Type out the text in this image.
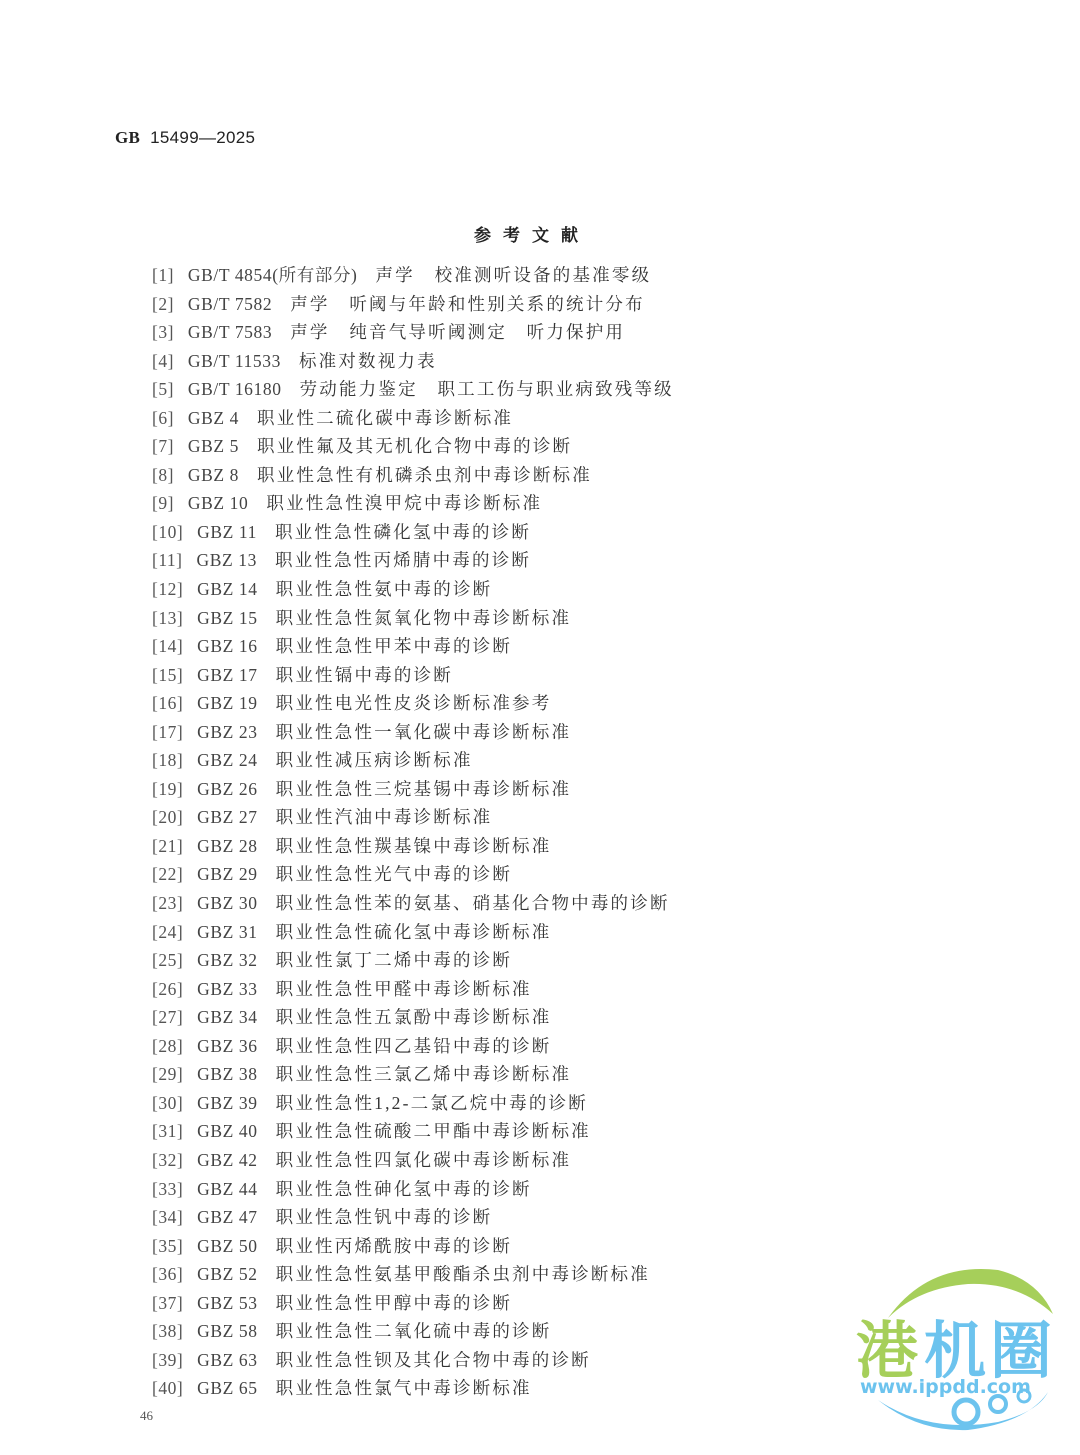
GB 15499—2025
参考文献
[1] GB/T 4854(所有部分) 声学　校准测听设备的基准零级
[2] GB/T 7582 声学　听阈与年龄和性别关系的统计分布
[3] GB/T 7583 声学　纯音气导听阈测定　听力保护用
[4] GB/T 11533 标准对数视力表
[5] GB/T 16180 劳动能力鉴定　职工工伤与职业病致残等级
[6] GBZ 4 职业性二硫化碳中毒诊断标准
[7] GBZ 5 职业性氟及其无机化合物中毒的诊断
[8] GBZ 8 职业性急性有机磷杀虫剂中毒诊断标准
[9] GBZ 10 职业性急性溴甲烷中毒诊断标准
[10] GBZ 11 职业性急性磷化氢中毒的诊断
[11] GBZ 13 职业性急性丙烯腈中毒的诊断
[12] GBZ 14 职业性急性氨中毒的诊断
[13] GBZ 15 职业性急性氮氧化物中毒诊断标准
[14] GBZ 16 职业性急性甲苯中毒的诊断
[15] GBZ 17 职业性镉中毒的诊断
[16] GBZ 19 职业性电光性皮炎诊断标准参考
[17] GBZ 23 职业性急性一氧化碳中毒诊断标准
[18] GBZ 24 职业性减压病诊断标准
[19] GBZ 26 职业性急性三烷基锡中毒诊断标准
[20] GBZ 27 职业性汽油中毒诊断标准
[21] GBZ 28 职业性急性羰基镍中毒诊断标准
[22] GBZ 29 职业性急性光气中毒的诊断
[23] GBZ 30 职业性急性苯的氨基、硝基化合物中毒的诊断
[24] GBZ 31 职业性急性硫化氢中毒诊断标准
[25] GBZ 32 职业性氯丁二烯中毒的诊断
[26] GBZ 33 职业性急性甲醛中毒诊断标准
[27] GBZ 34 职业性急性五氯酚中毒诊断标准
[28] GBZ 36 职业性急性四乙基铅中毒的诊断
[29] GBZ 38 职业性急性三氯乙烯中毒诊断标准
[30] GBZ 39 职业性急性1,2-二氯乙烷中毒的诊断
[31] GBZ 40 职业性急性硫酸二甲酯中毒诊断标准
[32] GBZ 42 职业性急性四氯化碳中毒诊断标准
[33] GBZ 44 职业性急性砷化氢中毒的诊断
[34] GBZ 47 职业性急性钒中毒的诊断
[35] GBZ 50 职业性丙烯酰胺中毒的诊断
[36] GBZ 52 职业性急性氨基甲酸酯杀虫剂中毒诊断标准
[37] GBZ 53 职业性急性甲醇中毒的诊断
[38] GBZ 58 职业性急性二氧化硫中毒的诊断
[39] GBZ 63 职业性急性钡及其化合物中毒的诊断
[40] GBZ 65 职业性急性氯气中毒诊断标准
46
港 机 圈
www.ippdd.com
